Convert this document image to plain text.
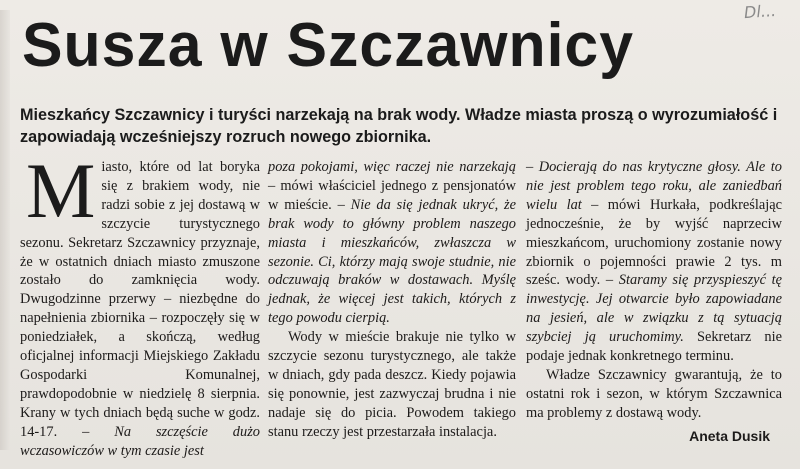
Dl...
Susza w Szczawnicy
Mieszkańcy Szczawnicy i turyści narzekają na brak wody. Władze miasta proszą o wyrozumiałość i zapowiadają wcześniejszy rozruch nowego zbiornika.

Miasto, które od lat boryka się z brakiem wody, nie radzi sobie z jej dostawą w szczycie turystycznego sezonu. Sekretarz Szczawnicy przyznaje, że w ostatnich dniach miasto zmuszone zostało do zamknięcia wody. Dwugodzinne przerwy – niezbędne do napełnienia zbiornika – rozpoczęły się w poniedziałek, a skończą, według oficjalnej informacji Miejskiego Zakładu Gospodarki Komunalnej, prawdopodobnie w niedzielę 8 sierpnia. Krany w tych dniach będą suche w godz. 14-17. – Na szczęście dużo wczasowiczów w tym czasie jest

poza pokojami, więc raczej nie narzekają – mówi właściciel jednego z pensjonatów w mieście. – Nie da się jednak ukryć, że brak wody to główny problem naszego miasta i mieszkańców, zwłaszcza w sezonie. Ci, którzy mają swoje studnie, nie odczuwają braków w dostawach. Myślę jednak, że więcej jest takich, których z tego powodu cierpią.

Wody w mieście brakuje nie tylko w szczycie sezonu turystycznego, ale także w dniach, gdy pada deszcz. Kiedy pojawia się ponownie, jest zazwyczaj brudna i nie nadaje się do picia. Powodem takiego stanu rzeczy jest przestarzała instalacja.

– Docierają do nas krytyczne głosy. Ale to nie jest problem tego roku, ale zaniedbań wielu lat – mówi Hurkała, podkreślając jednocześnie, że by wyjść naprzeciw mieszkańcom, uruchomiony zostanie nowy zbiornik o pojemności prawie 2 tys. m sześc. wody. – Staramy się przyspieszyć tę inwestycję. Jej otwarcie było zapowiadane na jesień, ale w związku z tą sytuacją szybciej ją uruchomimy. Sekretarz nie podaje jednak konkretnego terminu.

Władze Szczawnicy gwarantują, że to ostatni rok i sezon, w którym Szczawnica ma problemy z dostawą wody.

Aneta Dusik
